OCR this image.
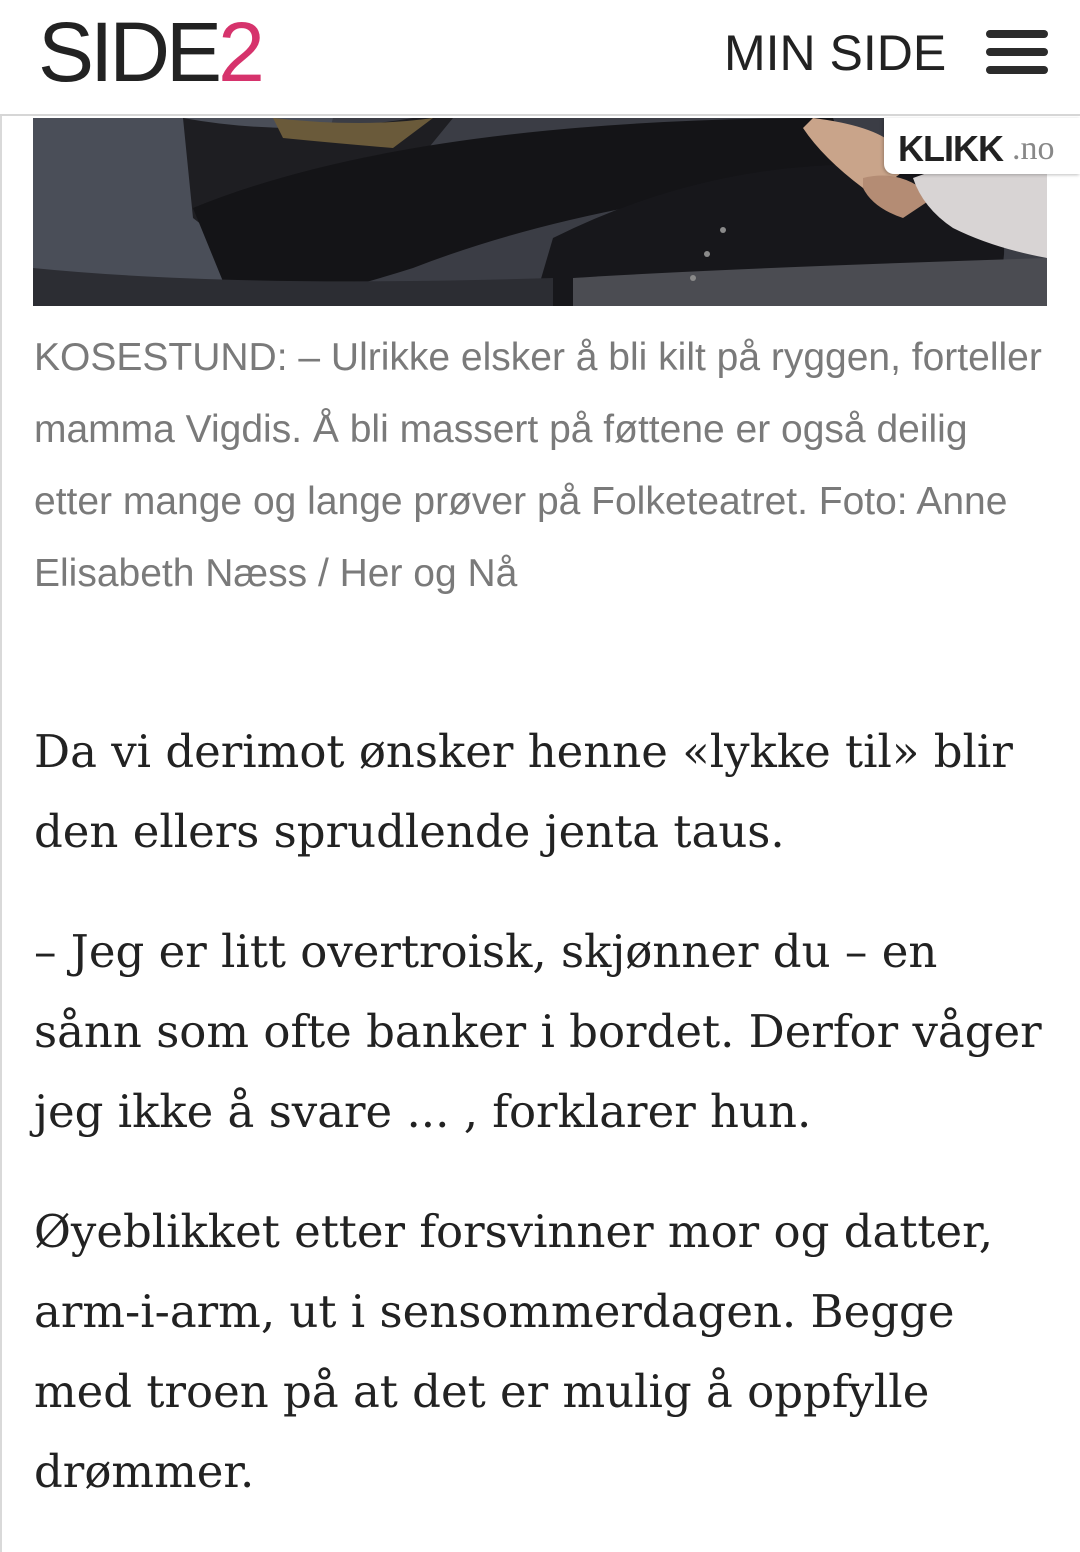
SIDE2	MIN SIDE
KLIKK .no
KOSESTUND: – Ulrikke elsker å bli kilt på ryggen, forteller mamma Vigdis. Å bli massert på føttene er også deilig etter mange og lange prøver på Folketeatret. Foto: Anne Elisabeth Næss / Her og Nå
Da vi derimot ønsker henne «lykke til» blir den ellers sprudlende jenta taus.
– Jeg er litt overtroisk, skjønner du – en sånn som ofte banker i bordet. Derfor våger jeg ikke å svare ... , forklarer hun.
Øyeblikket etter forsvinner mor og datter, arm-i-arm, ut i sensommerdagen. Begge med troen på at det er mulig å oppfylle drømmer.
